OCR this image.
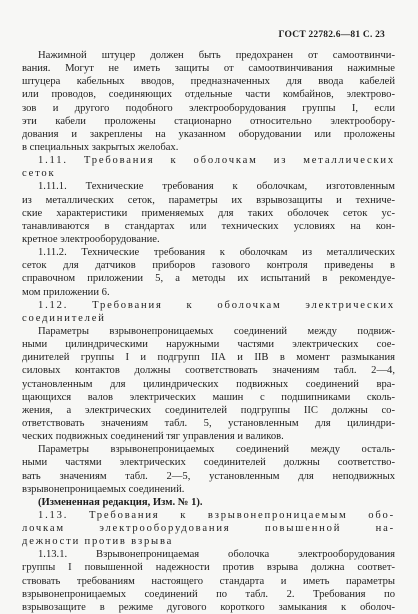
ГОСТ 22782.6—81 С. 23
Нажимной штуцер должен быть предохранен от самоотвинчи-
вания. Могут не иметь защиты от самоотвинчивания нажимные
штуцера кабельных вводов, предназначенных для ввода кабелей
или проводов, соединяющих отдельные части комбайнов, электрово-
зов и другого подобного электрооборудования группы I, если
эти кабели проложены стационарно относительно электрообору-
дования и закреплены на указанном оборудовании или проложены
в специальных закрытых желобах.
1.11. Требования к оболочкам из металлических
сеток
1.11.1. Технические требования к оболочкам, изготовленным
из металлических сеток, параметры их взрывозащиты и техниче-
ские характеристики применяемых для таких оболочек сеток ус-
танавливаются в стандартах или технических условиях на кон-
кретное электрооборудование.
1.11.2. Технические требования к оболочкам из металлических
сеток для датчиков приборов газового контроля приведены в
справочном приложении 5, а методы их испытаний в рекомендуе-
мом приложении 6.
1.12. Требования к оболочкам электрических
соединителей
Параметры взрывонепроницаемых соединений между подвиж-
ными цилиндрическими наружными частями электрических сое-
динителей группы I и подгрупп IIА и IIВ в момент размыкания
силовых контактов должны соответствовать значениям табл. 2—4,
установленным для цилиндрических подвижных соединений вра-
щающихся валов электрических машин с подшипниками сколь-
жения, а электрических соединителей подгруппы IIС должны со-
ответствовать значениям табл. 5, установленным для цилиндри-
ческих подвижных соединений тяг управления и валиков.
Параметры взрывонепроницаемых соединений между осталь-
ными частями электрических соединителей должны соответство-
вать значениям табл. 2—5, установленным для неподвижных
взрывонепроницаемых соединений.
(Измененная редакция, Изм. № 1).
1.13. Требования к взрывонепроницаемым обо-
лочкам электрооборудования повышенной на-
дежности против взрыва
1.13.1. Взрывонепроницаемая оболочка электрооборудования
группы I повышенной надежности против взрыва должна соответ-
ствовать требованиям настоящего стандарта и иметь параметры
взрывонепроницаемых соединений по табл. 2. Требования по
взрывозащите в режиме дугового короткого замыкания к оболоч-
